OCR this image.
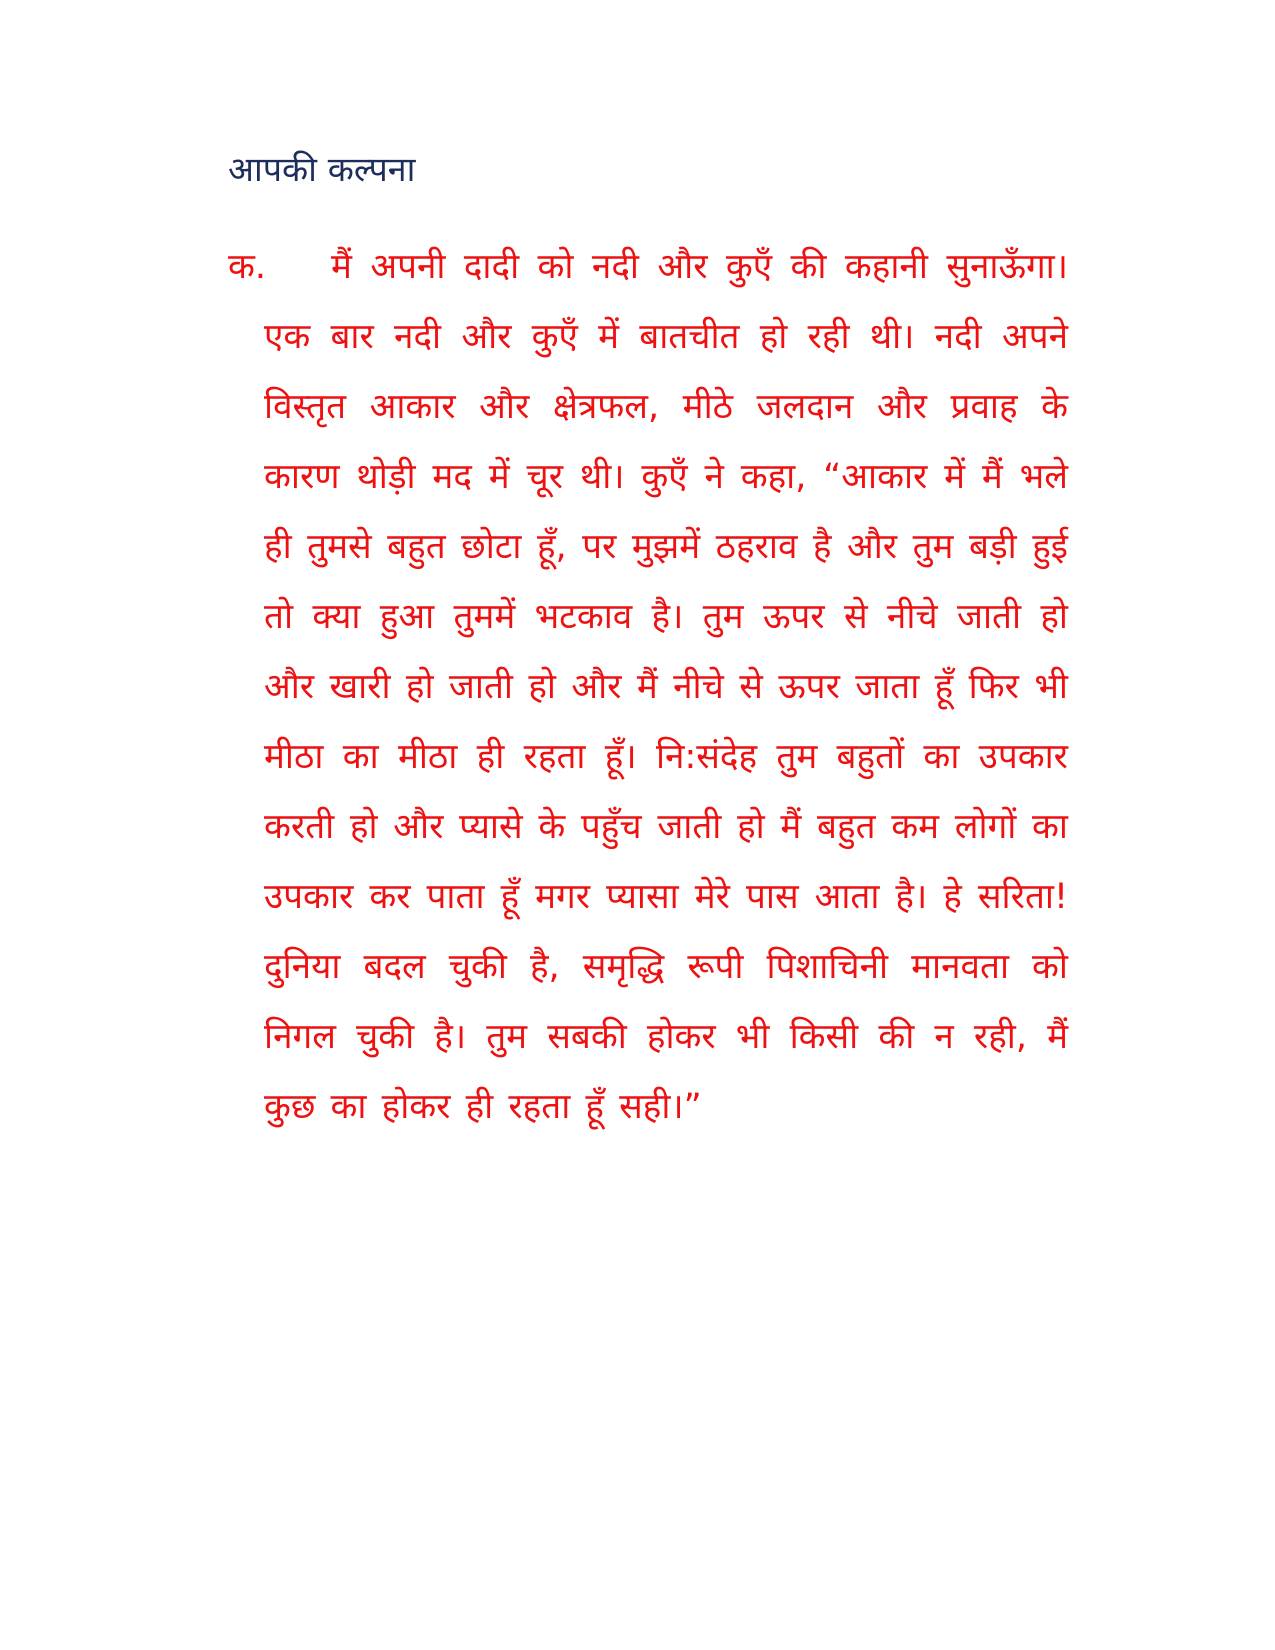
आपकी कल्पना
क.	मैं अपनी दादी को नदी और कुएँ की कहानी सुनाऊँगा। एक बार नदी और कुएँ में बातचीत हो रही थी। नदी अपने विस्तृत आकार और क्षेत्रफल, मीठे जलदान और प्रवाह के कारण थोड़ी मद में चूर थी। कुएँ ने कहा, “आकार में मैं भले ही तुमसे बहुत छोटा हूँ, पर मुझमें ठहराव है और तुम बड़ी हुई तो क्या हुआ तुममें भटकाव है। तुम ऊपर से नीचे जाती हो और खारी हो जाती हो और मैं नीचे से ऊपर जाता हूँ फिर भी मीठा का मीठा ही रहता हूँ। नि:संदेह तुम बहुतों का उपकार करती हो और प्यासे के पहुँच जाती हो मैं बहुत कम लोगों का उपकार कर पाता हूँ मगर प्यासा मेरे पास आता है। हे सरिता! दुनिया बदल चुकी है, समृद्धि रूपी पिशाचिनी मानवता को निगल चुकी है। तुम सबकी होकर भी किसी की न रही, मैं कुछ का होकर ही रहता हूँ सही।”
